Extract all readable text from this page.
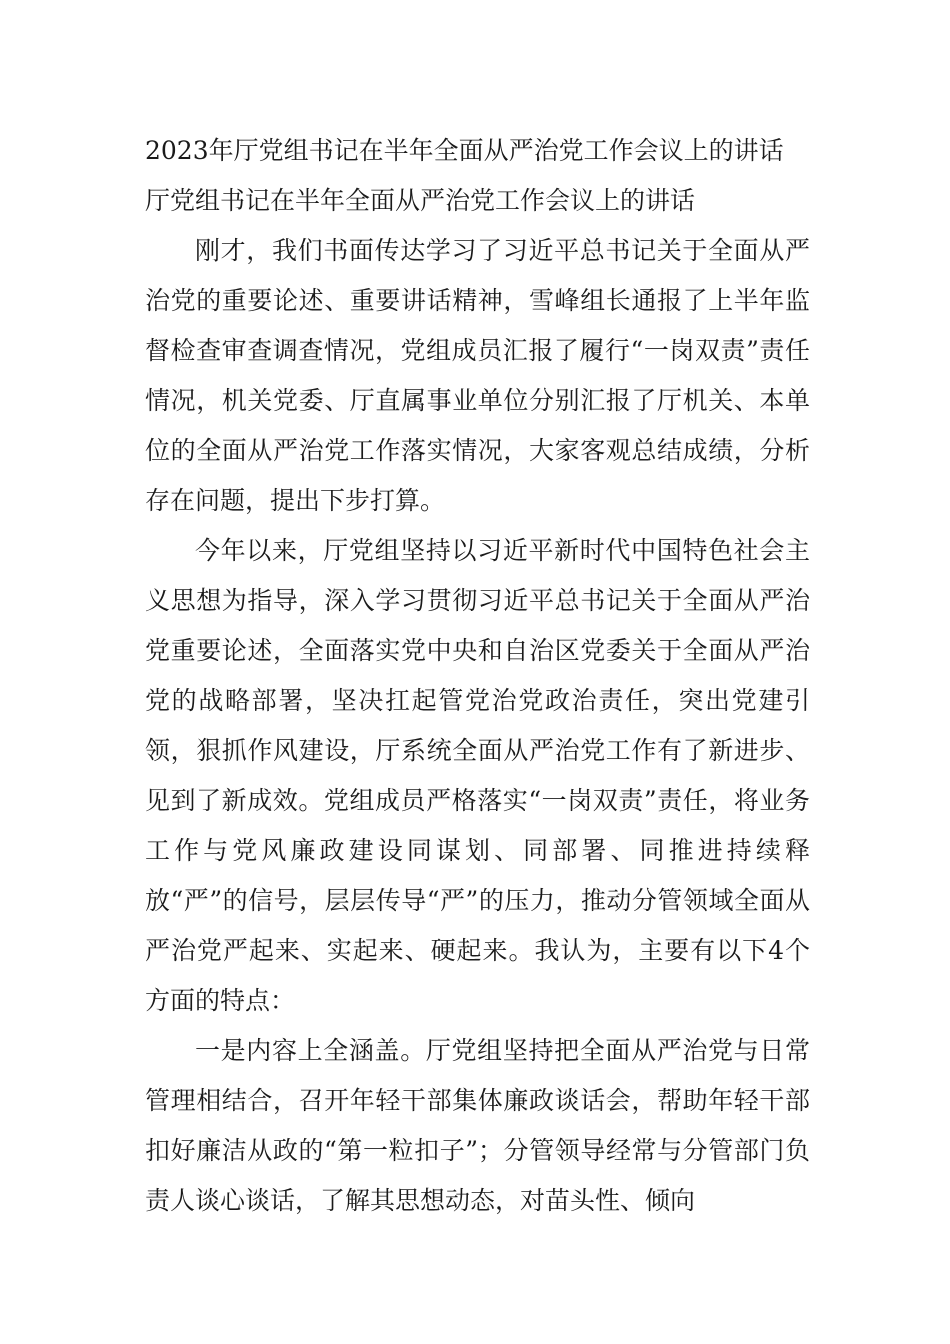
2023年厅党组书记在半年全面从严治党工作会议上的讲话

厅党组书记在半年全面从严治党工作会议上的讲话

刚才，我们书面传达学习了习近平总书记关于全面从严治党的重要论述、重要讲话精神，雪峰组长通报了上半年监督检查审查调查情况，党组成员汇报了履行“一岗双责”责任情况，机关党委、厅直属事业单位分别汇报了厅机关、本单位的全面从严治党工作落实情况，大家客观总结成绩，分析存在问题，提出下步打算。

今年以来，厅党组坚持以习近平新时代中国特色社会主义思想为指导，深入学习贯彻习近平总书记关于全面从严治党重要论述，全面落实党中央和自治区党委关于全面从严治党的战略部署，坚决扛起管党治党政治责任，突出党建引领，狠抓作风建设，厅系统全面从严治党工作有了新进步、见到了新成效。党组成员严格落实“一岗双责”责任，将业务工作与党风廉政建设同谋划、同部署、同推进持续释放“严”的信号，层层传导“严”的压力，推动分管领域全面从严治党严起来、实起来、硬起来。我认为，主要有以下4个方面的特点：

一是内容上全涵盖。厅党组坚持把全面从严治党与日常管理相结合，召开年轻干部集体廉政谈话会，帮助年轻干部扣好廉洁从政的“第一粒扣子”；分管领导经常与分管部门负责人谈心谈话，了解其思想动态，对苗头性、倾向
